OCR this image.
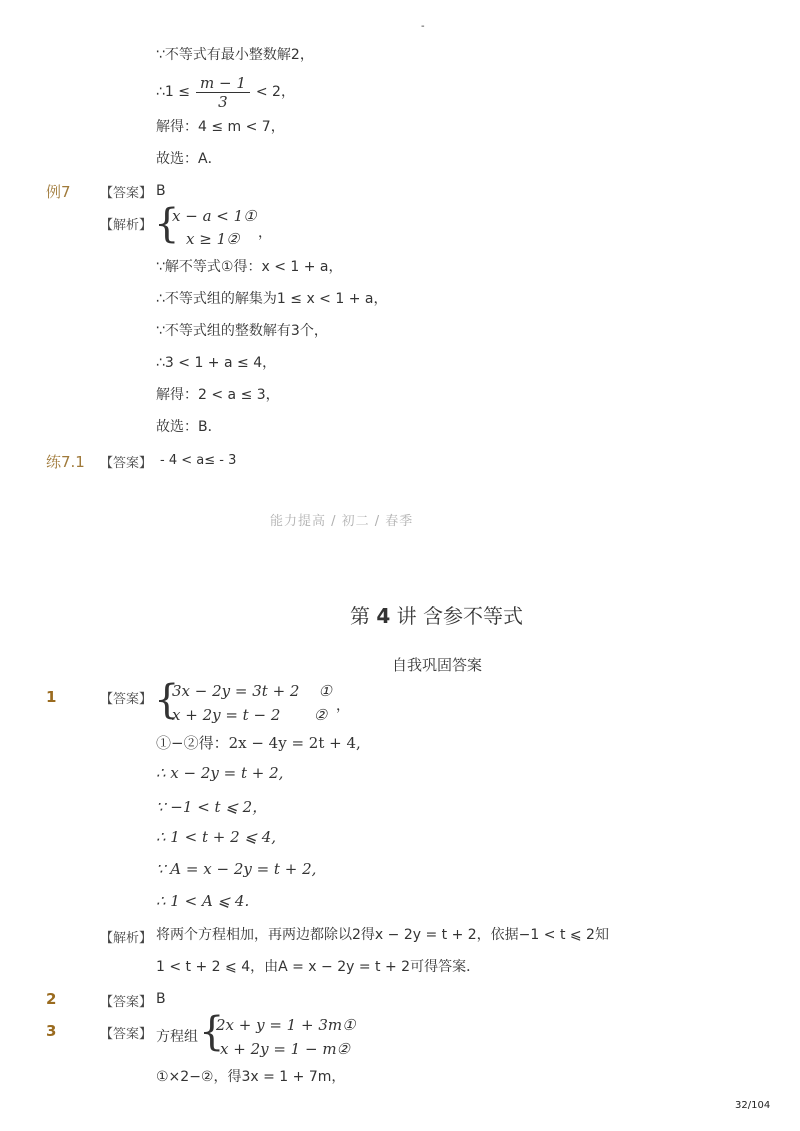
-
∵不等式有最小整数解2，
∴1 ≤ $\frac{m - 1}{3} < 2$，
解得：4 ≤ m < 7，
故选：A．
例7 【答案】 B
【解析】 {
x − a < 1①
x ≥ 1② ，
∵解不等式①得：x < 1 + a，
∴不等式组的解集为1 ≤ x < 1 + a，
∵不等式组的整数解有3个，
∴3 < 1 + a ≤ 4，
解得：2 < a ≤ 3，
故选：B．
练7.1 【答案】 - 4 < a≤ - 3
能力提高 / 初二 / 春季
第 4 讲 含参不等式
自我巩固答案
1	【答案】 {
3x − 2y = 3t + 2    ①
x + 2y = t − 2       ② ，
①−②得：2x − 4y = 2t + 4,
∴ x − 2y = t + 2,
∵ −1 < t ⩽ 2，
∴ 1 < t + 2 ⩽ 4,
∵ A = x − 2y = t + 2,
∴ 1 < A ⩽ 4.
【解析】 将两个方程相加，再两边都除以2得x − 2y = t + 2，依据−1 < t ⩽ 2知
1 < t + 2 ⩽ 4，由A = x − 2y = t + 2可得答案．
2	【答案】 B
3	【答案】 方程组 {
2x + y = 1 + 3m①
x + 2y = 1 − m②
①×2−②，得3x = 1 + 7m，
32/104
